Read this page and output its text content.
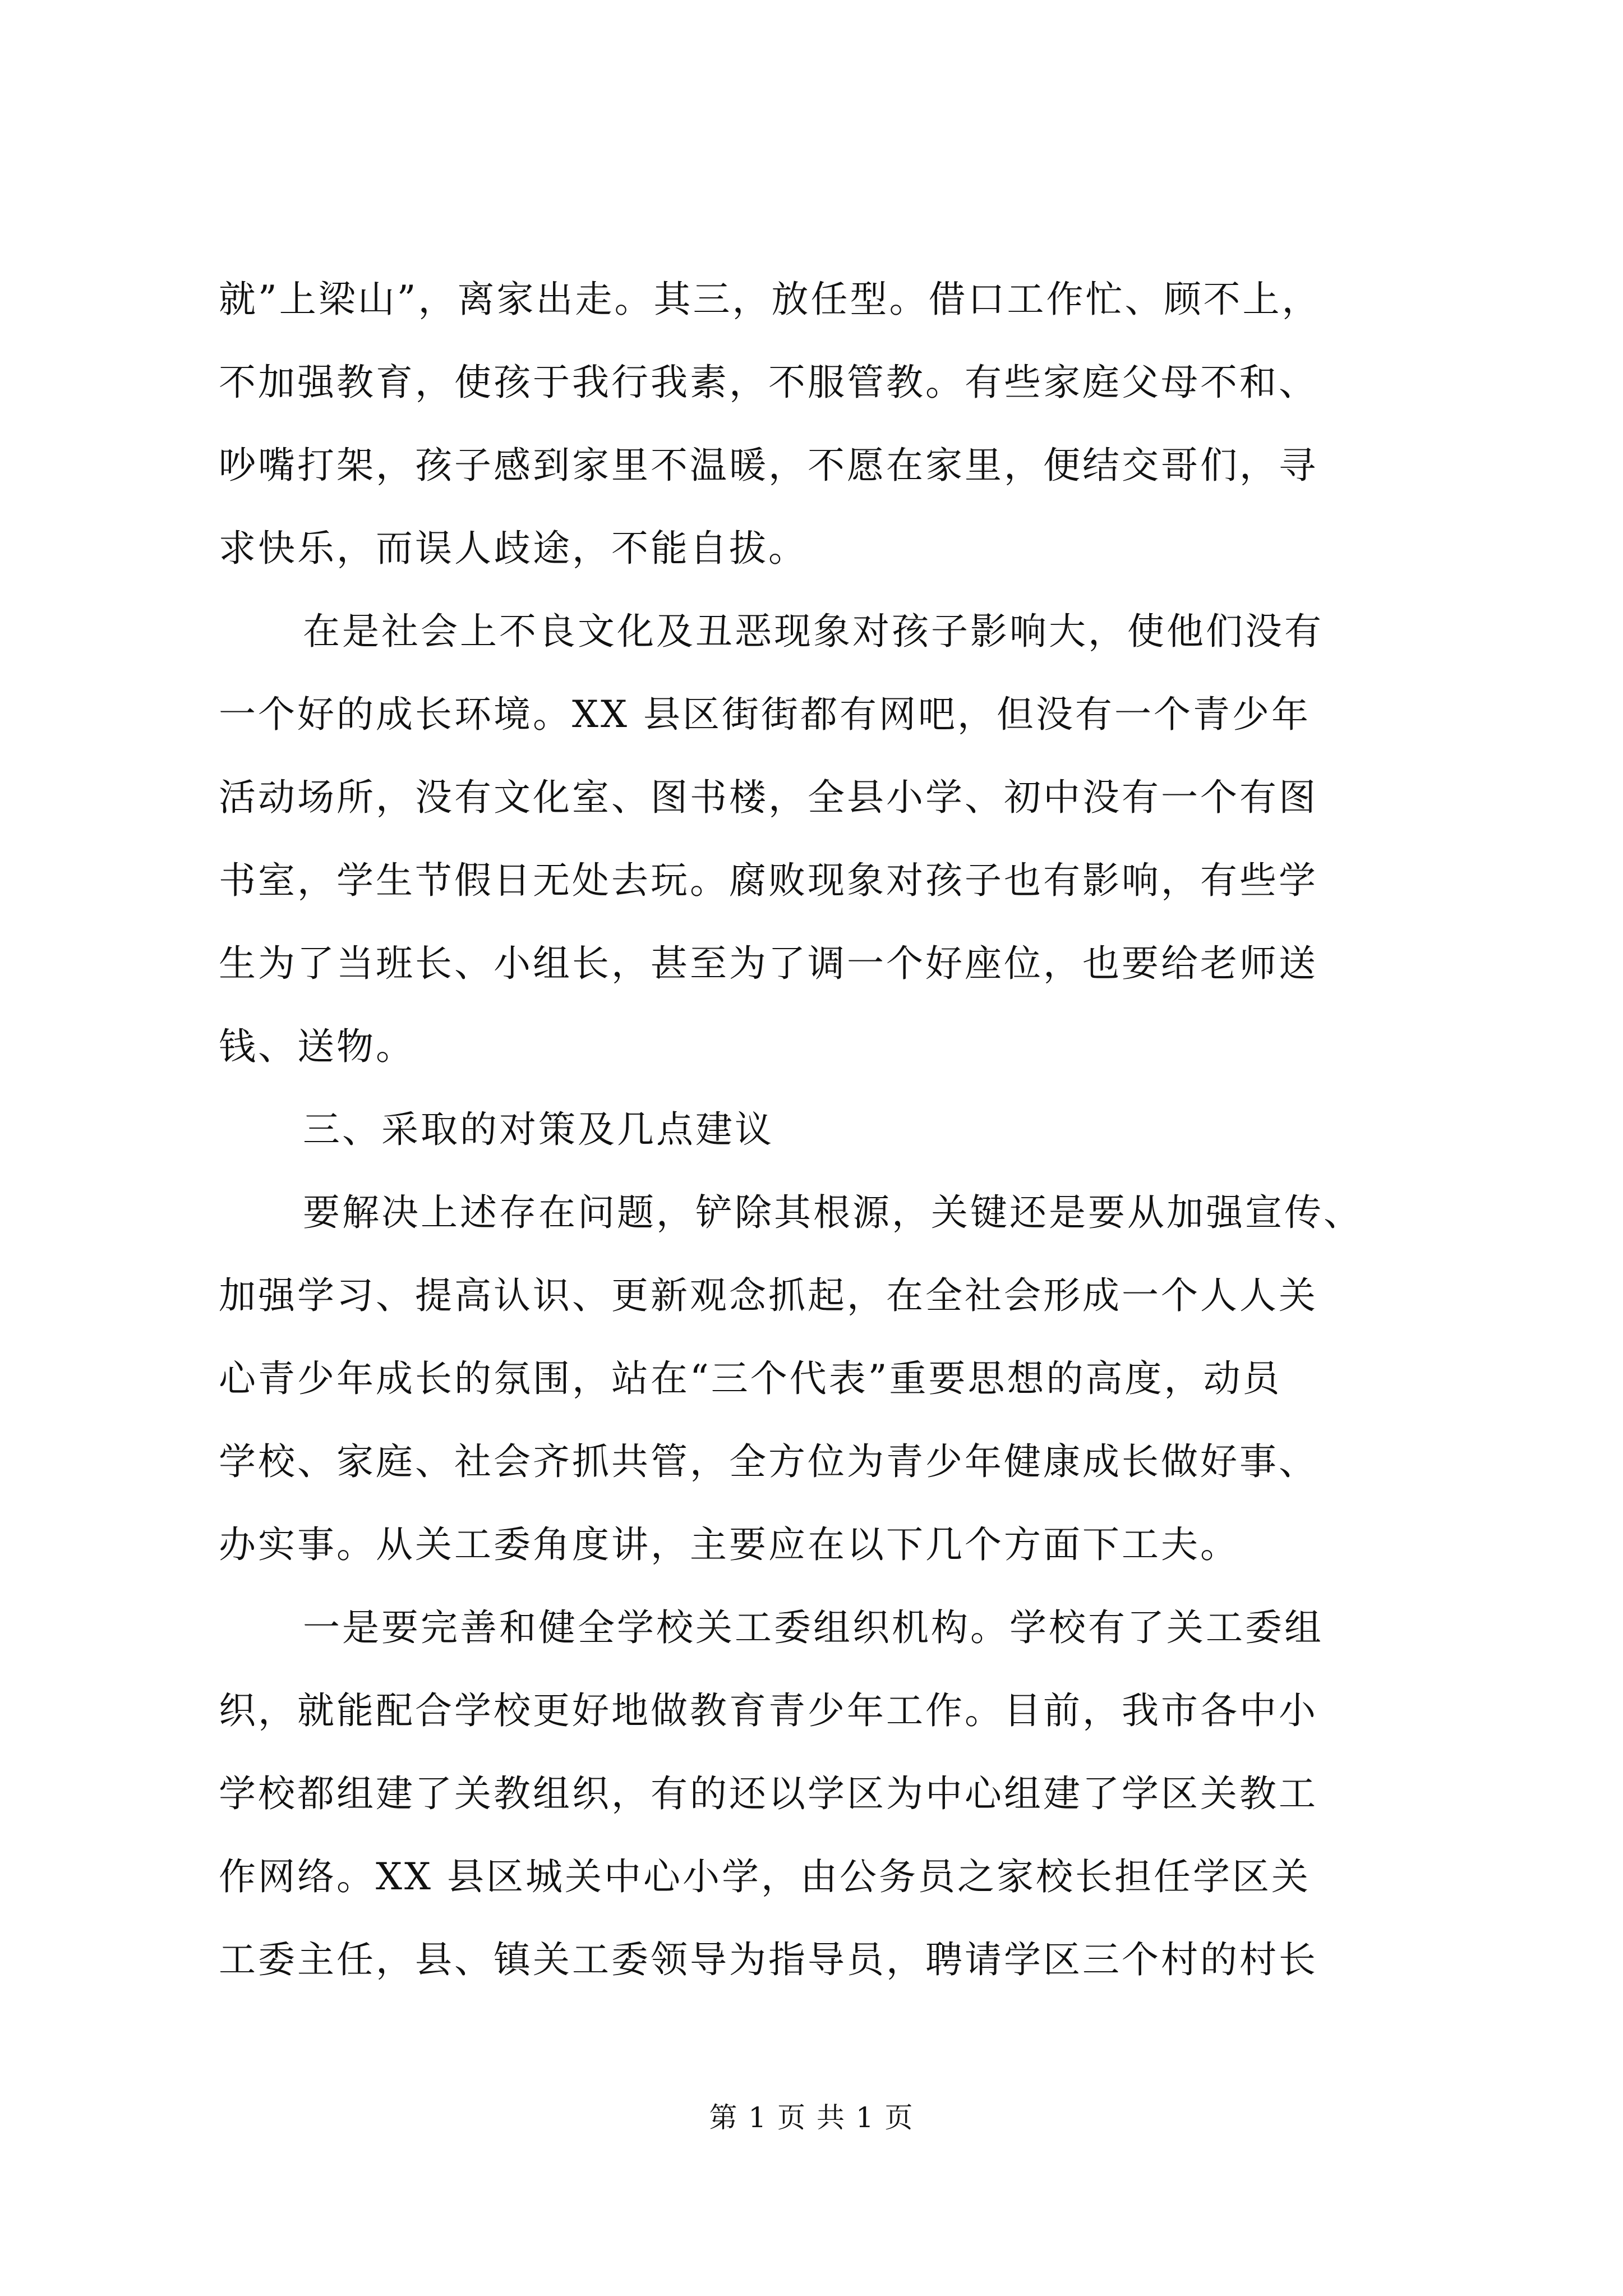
就”上梁山”，离家出走。其三，放任型。借口工作忙、顾不上，
不加强教育，使孩于我行我素，不服管教。有些家庭父母不和、
吵嘴打架，孩子感到家里不温暖，不愿在家里，便结交哥们，寻
求快乐，而误人歧途，不能自拔。
在是社会上不良文化及丑恶现象对孩子影响大，使他们没有
一个好的成长环境。XX 县区街街都有网吧，但没有一个青少年
活动场所，没有文化室、图书楼，全县小学、初中没有一个有图
书室，学生节假日无处去玩。腐败现象对孩子也有影响，有些学
生为了当班长、小组长，甚至为了调一个好座位，也要给老师送
钱、送物。
三、采取的对策及几点建议
要解决上述存在问题，铲除其根源，关键还是要从加强宣传、
加强学习、提高认识、更新观念抓起，在全社会形成一个人人关
心青少年成长的氛围，站在“三个代表”重要思想的高度，动员
学校、家庭、社会齐抓共管，全方位为青少年健康成长做好事、
办实事。从关工委角度讲，主要应在以下几个方面下工夫。
一是要完善和健全学校关工委组织机构。学校有了关工委组
织，就能配合学校更好地做教育青少年工作。目前，我市各中小
学校都组建了关教组织，有的还以学区为中心组建了学区关教工
作网络。XX 县区城关中心小学，由公务员之家校长担任学区关
工委主任，县、镇关工委领导为指导员，聘请学区三个村的村长
第 1 页 共 1 页
